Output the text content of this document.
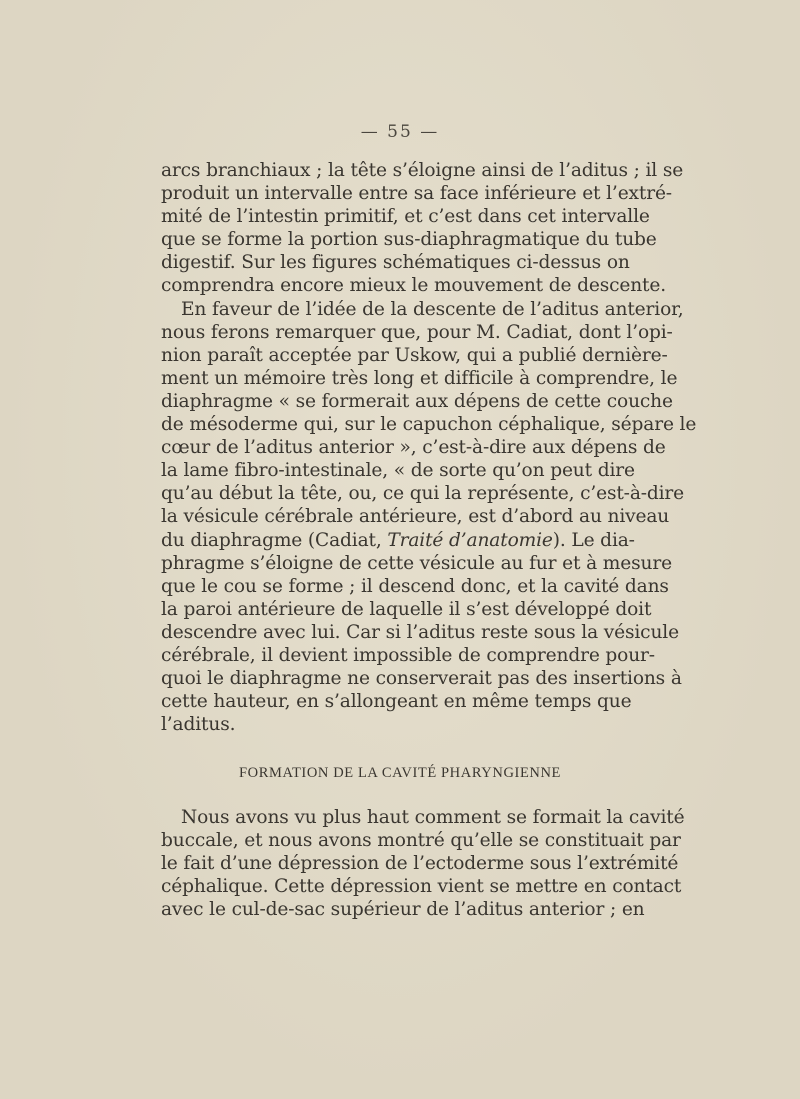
— 55 —
arcs branchiaux ; la tête s’éloigne ainsi de l’aditus ; il se
produit un intervalle entre sa face inférieure et l’extré-
mité de l’intestin primitif, et c’est dans cet intervalle
que se forme la portion sus-diaphragmatique du tube
digestif. Sur les figures schématiques ci-dessus on
comprendra encore mieux le mouvement de descente.
En faveur de l’idée de la descente de l’aditus anterior,
nous ferons remarquer que, pour M. Cadiat, dont l’opi-
nion paraît acceptée par Uskow, qui a publié dernière-
ment un mémoire très long et difficile à comprendre, le
diaphragme « se formerait aux dépens de cette couche
de mésoderme qui, sur le capuchon céphalique, sépare le
cœur de l’aditus anterior », c’est-à-dire aux dépens de
la lame fibro-intestinale, « de sorte qu’on peut dire
qu’au début la tête, ou, ce qui la représente, c’est-à-dire
la vésicule cérébrale antérieure, est d’abord au niveau
du diaphragme (Cadiat, Traité d’anatomie). Le dia-
phragme s’éloigne de cette vésicule au fur et à mesure
que le cou se forme ; il descend donc, et la cavité dans
la paroi antérieure de laquelle il s’est développé doit
descendre avec lui. Car si l’aditus reste sous la vésicule
cérébrale, il devient impossible de comprendre pour-
quoi le diaphragme ne conserverait pas des insertions à
cette hauteur, en s’allongeant en même temps que
l’aditus.
FORMATION DE LA CAVITÉ PHARYNGIENNE
Nous avons vu plus haut comment se formait la cavité
buccale, et nous avons montré qu’elle se constituait par
le fait d’une dépression de l’ectoderme sous l’extrémité
céphalique. Cette dépression vient se mettre en contact
avec le cul-de-sac supérieur de l’aditus anterior ; en
